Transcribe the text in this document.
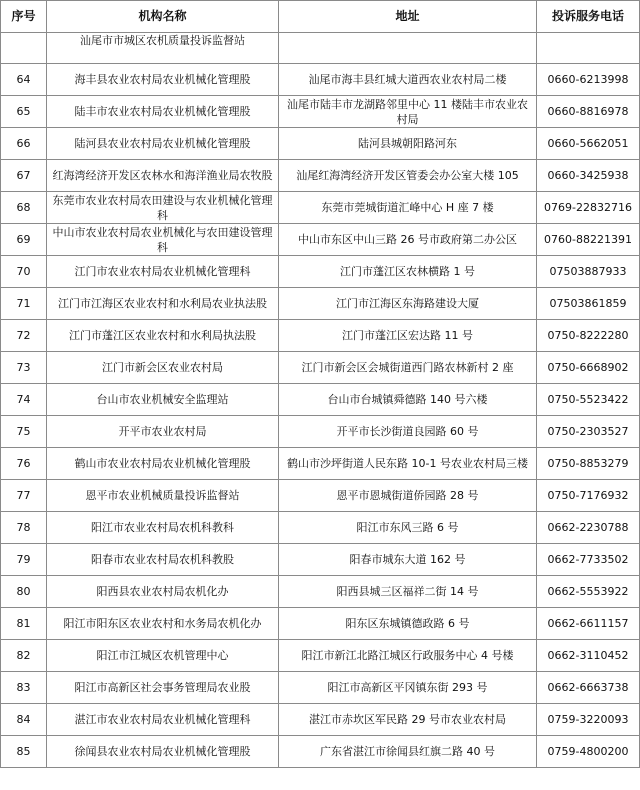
序号	机构名称	地址	投诉服务电话
	汕尾市市城区农机质量投诉监督站		
64	海丰县农业农村局农业机械化管理股	汕尾市海丰县红城大道西农业农村局二楼	0660-6213998
65	陆丰市农业农村局农业机械化管理股	汕尾市陆丰市龙湖路邻里中心 11 楼陆丰市农业农村局	0660-8816978
66	陆河县农业农村局农业机械化管理股	陆河县城朝阳路河东	0660-5662051
67	红海湾经济开发区农林水和海洋渔业局农牧股	汕尾红海湾经济开发区管委会办公室大楼 105	0660-3425938
68	东莞市农业农村局农田建设与农业机械化管理科	东莞市莞城街道汇峰中心 H 座 7 楼	0769-22832716
69	中山市农业农村局农业机械化与农田建设管理科	中山市东区中山三路 26 号市政府第二办公区	0760-88221391
70	江门市农业农村局农业机械化管理科	江门市蓬江区农林横路 1 号	07503887933
71	江门市江海区农业农村和水利局农业执法股	江门市江海区东海路建设大厦	07503861859
72	江门市蓬江区农业农村和水利局执法股	江门市蓬江区宏达路 11 号	0750-8222280
73	江门市新会区农业农村局	江门市新会区会城街道西门路农林新村 2 座	0750-6668902
74	台山市农业机械安全监理站	台山市台城镇舜德路 140 号六楼	0750-5523422
75	开平市农业农村局	开平市长沙街道良园路 60 号	0750-2303527
76	鹤山市农业农村局农业机械化管理股	鹤山市沙坪街道人民东路 10-1 号农业农村局三楼	0750-8853279
77	恩平市农业机械质量投诉监督站	恩平市恩城街道侨园路 28 号	0750-7176932
78	阳江市农业农村局农机科教科	阳江市东风三路 6 号	0662-2230788
79	阳春市农业农村局农机科教股	阳春市城东大道 162 号	0662-7733502
80	阳西县农业农村局农机化办	阳西县城三区福祥二街 14 号	0662-5553922
81	阳江市阳东区农业农村和水务局农机化办	阳东区东城镇德政路 6 号	0662-6611157
82	阳江市江城区农机管理中心	阳江市新江北路江城区行政服务中心 4 号楼	0662-3110452
83	阳江市高新区社会事务管理局农业股	阳江市高新区平冈镇东街 293 号	0662-6663738
84	湛江市农业农村局农业机械化管理科	湛江市赤坎区军民路 29 号市农业农村局	0759-3220093
85	徐闻县农业农村局农业机械化管理股	广东省湛江市徐闻县红旗二路 40 号	0759-4800200
